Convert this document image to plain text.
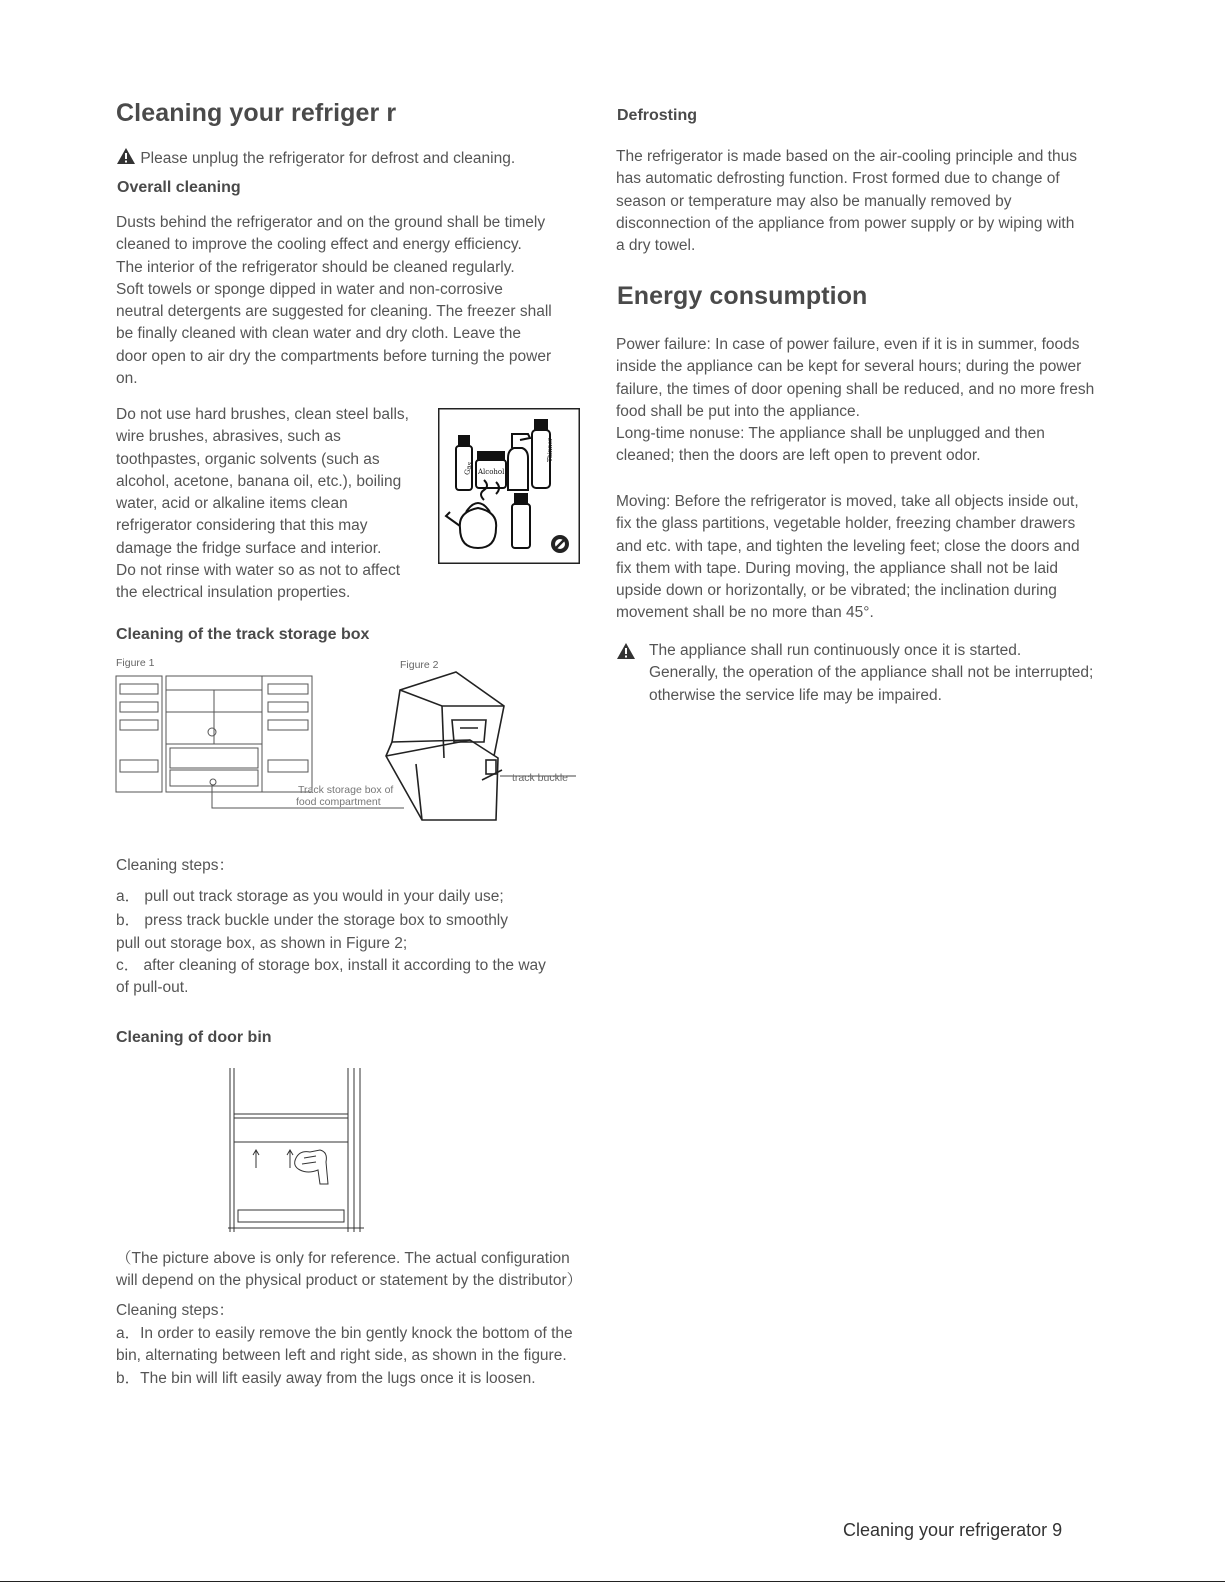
Cleaning your refriger r
Please unplug the refrigerator for defrost and cleaning.
Overall cleaning
Dusts behind the refrigerator and on the ground shall be timely
cleaned to improve the cooling effect and energy efficiency.
The interior of the refrigerator should be cleaned regularly.
Soft towels or sponge dipped in water and non-corrosive
neutral detergents are suggested for cleaning. The freezer shall
be finally cleaned with clean water and dry cloth. Leave the
door open to air dry the compartments before turning the power
on.
Do not use hard brushes, clean steel balls,
wire brushes, abrasives, such as
toothpastes, organic solvents (such as
alcohol, acetone, banana oil, etc.), boiling
water, acid or alkaline items clean
refrigerator considering that this may
damage the fridge surface and interior.
Do not rinse with water so as not to affect
the electrical insulation properties.
Gas Alcohol
Thinner
Cleaning of the track storage box
Figure 1	Figure 2
Track storage box of
food compartment
track buckle
Cleaning steps：
a． pull out track storage as you would in your daily use;
b． press track buckle under the storage box to smoothly
pull out storage box, as shown in Figure 2;
c． after cleaning of storage box, install it according to the way
of pull-out.
Cleaning of door bin
（The picture above is only for reference. The actual configuration
will depend on the physical product or statement by the distributor）
Cleaning steps：
a．In order to easily remove the bin gently knock the bottom of the
bin, alternating between left and right side, as shown in the figure.
b．The bin will lift easily away from the lugs once it is loosen.
Defrosting
The refrigerator is made based on the air-cooling principle and thus
has automatic defrosting function. Frost formed due to change of
season or temperature may also be manually removed by
disconnection of the appliance from power supply or by wiping with
a dry towel.
Energy consumption
Power failure: In case of power failure, even if it is in summer, foods
inside the appliance can be kept for several hours; during the power
failure, the times of door opening shall be reduced, and no more fresh
food shall be put into the appliance.
Long-time nonuse: The appliance shall be unplugged and then
cleaned; then the doors are left open to prevent odor.
Moving: Before the refrigerator is moved, take all objects inside out,
fix the glass partitions, vegetable holder, freezing chamber drawers
and etc. with tape, and tighten the leveling feet; close the doors and
fix them with tape. During moving, the appliance shall not be laid
upside down or horizontally, or be vibrated; the inclination during
movement shall be no more than 45°.
The appliance shall run continuously once it is started.
Generally, the operation of the appliance shall not be interrupted;
otherwise the service life may be impaired.
Cleaning your refrigerator 9
